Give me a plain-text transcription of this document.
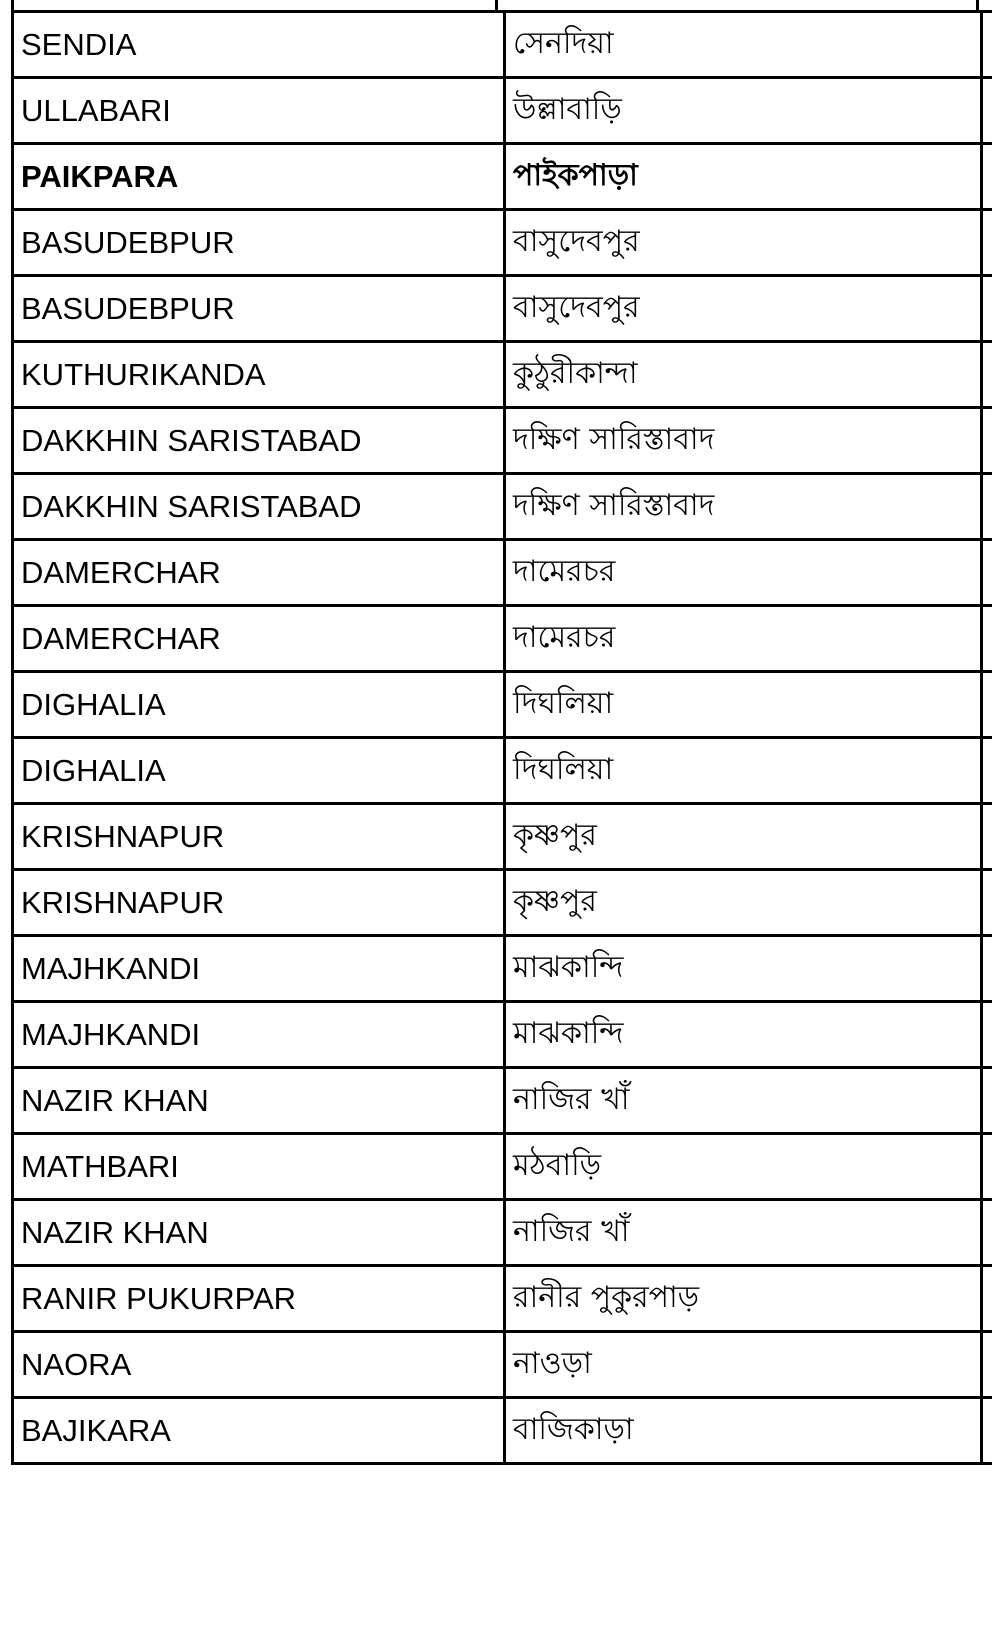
SENDIA	সেনদিয়া	
ULLABARI	উল্লাবাড়ি	
PAIKPARA	পাইকপাড়া	
BASUDEBPUR	বাসুদেবপুর	
BASUDEBPUR	বাসুদেবপুর	
KUTHURIKANDA	কুঠুরীকান্দা	
DAKKHIN SARISTABAD	দক্ষিণ সারিস্তাবাদ	
DAKKHIN SARISTABAD	দক্ষিণ সারিস্তাবাদ	
DAMERCHAR	দামেরচর	
DAMERCHAR	দামেরচর	
DIGHALIA	দিঘলিয়া	
DIGHALIA	দিঘলিয়া	
KRISHNAPUR	কৃষ্ণপুর	
KRISHNAPUR	কৃষ্ণপুর	
MAJHKANDI	মাঝকান্দি	
MAJHKANDI	মাঝকান্দি	
NAZIR KHAN	নাজির খাঁ	
MATHBARI	মঠবাড়ি	
NAZIR KHAN	নাজির খাঁ	
RANIR PUKURPAR	রানীর পুকুরপাড়	
NAORA	নাওড়া	
BAJIKARA	বাজিকাড়া	
